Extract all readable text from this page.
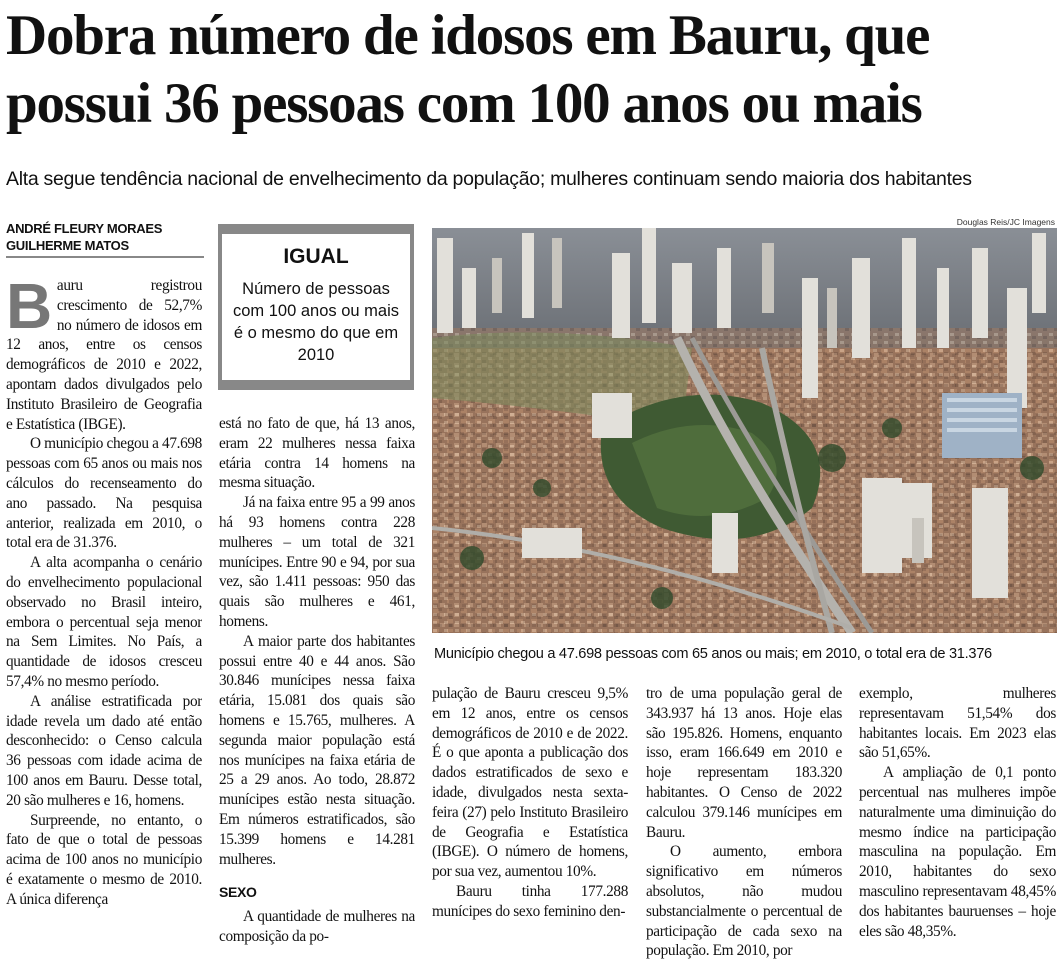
Dobra número de idosos em Bauru, que possui 36 pessoas com 100 anos ou mais

Alta segue tendência nacional de envelhecimento da população; mulheres continuam sendo maioria dos habitantes

ANDRÉ FLEURY MORAES
GUILHERME MATOS

Bauru registrou crescimento de 52,7% no número de idosos em 12 anos, entre os censos demográficos de 2010 e 2022, apontam dados divulgados pelo Instituto Brasileiro de Geografia e Estatística (IBGE).

O município chegou a 47.698 pessoas com 65 anos ou mais nos cálculos do recenseamento do ano passado. Na pesquisa anterior, realizada em 2010, o total era de 31.376.

A alta acompanha o cenário do envelhecimento populacional observado no Brasil inteiro, embora o percentual seja menor na Sem Limites. No País, a quantidade de idosos cresceu 57,4% no mesmo período.

A análise estratificada por idade revela um dado até então desconhecido: o Censo calcula 36 pessoas com idade acima de 100 anos em Bauru. Desse total, 20 são mulheres e 16, homens.

Surpreende, no entanto, o fato de que o total de pessoas acima de 100 anos no município é exatamente o mesmo de 2010. A única diferença

IGUAL
Número de pessoas com 100 anos ou mais é o mesmo do que em 2010

está no fato de que, há 13 anos, eram 22 mulheres nessa faixa etária contra 14 homens na mesma situação.

Já na faixa entre 95 a 99 anos há 93 homens contra 228 mulheres – um total de 321 munícipes. Entre 90 e 94, por sua vez, são 1.411 pessoas: 950 das quais são mulheres e 461, homens.

A maior parte dos habitantes possui entre 40 e 44 anos. São 30.846 munícipes nessa faixa etária, 15.081 dos quais são homens e 15.765, mulheres. A segunda maior população está nos munícipes na faixa etária de 25 a 29 anos. Ao todo, 28.872 munícipes estão nesta situação. Em números estratificados, são 15.399 homens e 14.281 mulheres.

SEXO

A quantidade de mulheres na composição da po-

Douglas Reis/JC Imagens
Município chegou a 47.698 pessoas com 65 anos ou mais; em 2010, o total era de 31.376

pulação de Bauru cresceu 9,5% em 12 anos, entre os censos demográficos de 2010 e de 2022. É o que aponta a publicação dos dados estratificados de sexo e idade, divulgados nesta sexta-feira (27) pelo Instituto Brasileiro de Geografia e Estatística (IBGE). O número de homens, por sua vez, aumentou 10%.

Bauru tinha 177.288 munícipes do sexo feminino den-

tro de uma população geral de 343.937 há 13 anos. Hoje elas são 195.826. Homens, enquanto isso, eram 166.649 em 2010 e hoje representam 183.320 habitantes. O Censo de 2022 calculou 379.146 munícipes em Bauru.

O aumento, embora significativo em números absolutos, não mudou substancialmente o percentual de participação de cada sexo na população. Em 2010, por

exemplo, mulheres representavam 51,54% dos habitantes locais. Em 2023 elas são 51,65%.

A ampliação de 0,1 ponto percentual nas mulheres impõe naturalmente uma diminuição do mesmo índice na participação masculina na população. Em 2010, habitantes do sexo masculino representavam 48,45% dos habitantes bauruenses – hoje eles são 48,35%.
